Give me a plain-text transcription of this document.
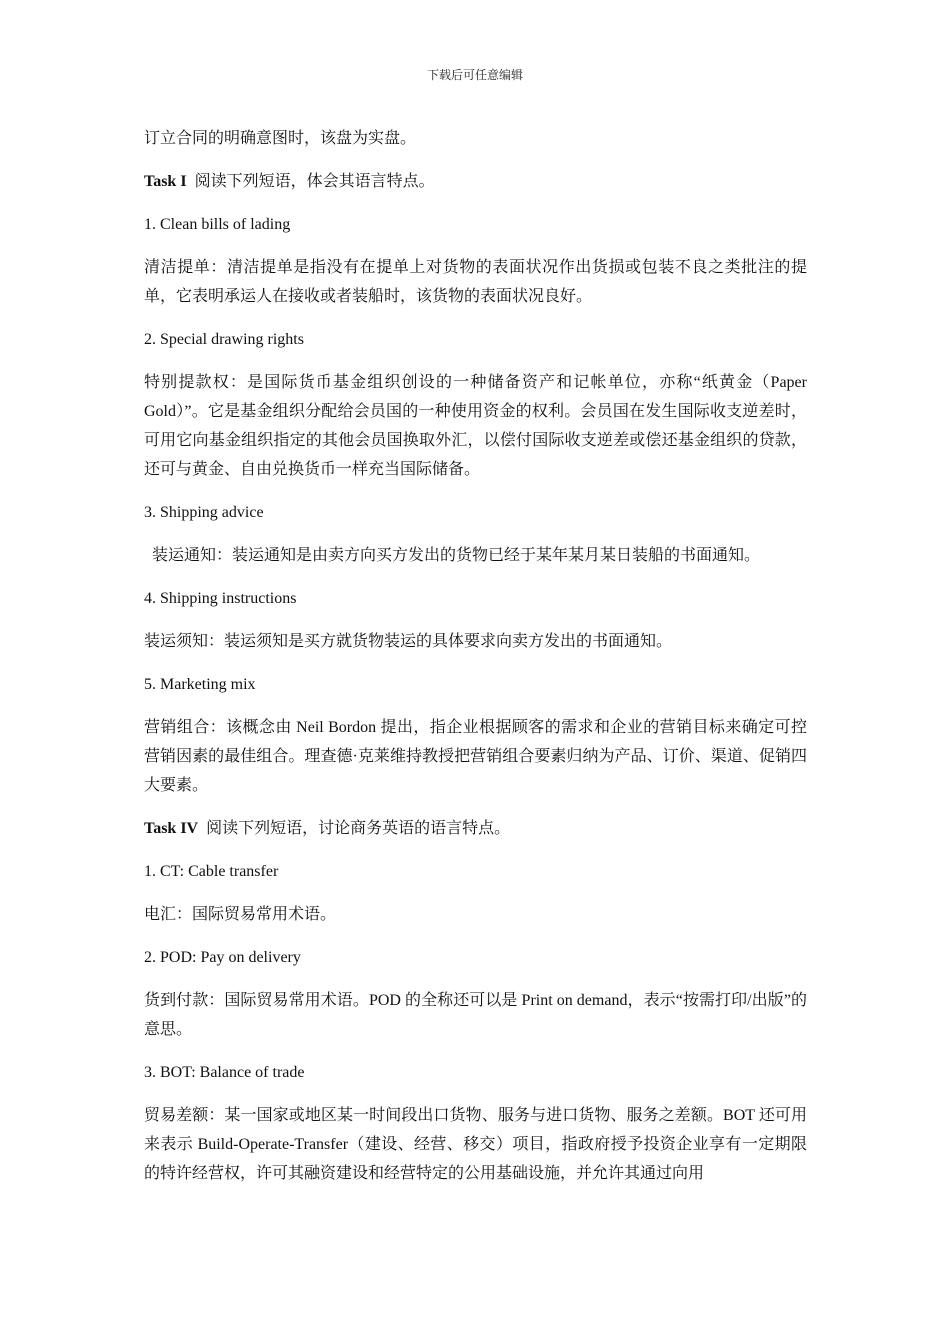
下载后可任意编辑

订立合同的明确意图时，该盘为实盘。

Task I 阅读下列短语，体会其语言特点。

1. Clean bills of lading

清洁提单：清洁提单是指没有在提单上对货物的表面状况作出货损或包装不良之类批注的提单，它表明承运人在接收或者装船时，该货物的表面状况良好。

2. Special drawing rights

特别提款权：是国际货币基金组织创设的一种储备资产和记帐单位，亦称“纸黄金（Paper Gold）”。它是基金组织分配给会员国的一种使用资金的权利。会员国在发生国际收支逆差时，可用它向基金组织指定的其他会员国换取外汇，以偿付国际收支逆差或偿还基金组织的贷款，还可与黄金、自由兑换货币一样充当国际储备。

3. Shipping advice

装运通知：装运通知是由卖方向买方发出的货物已经于某年某月某日装船的书面通知。

4. Shipping instructions

装运须知：装运须知是买方就货物装运的具体要求向卖方发出的书面通知。

5. Marketing mix

营销组合：该概念由 Neil Bordon 提出，指企业根据顾客的需求和企业的营销目标来确定可控营销因素的最佳组合。理查德·克莱维持教授把营销组合要素归纳为产品、订价、渠道、促销四大要素。

Task IV 阅读下列短语，讨论商务英语的语言特点。

1. CT: Cable transfer

电汇：国际贸易常用术语。

2. POD: Pay on delivery

货到付款：国际贸易常用术语。POD 的全称还可以是 Print on demand，表示“按需打印/出版”的意思。

3. BOT: Balance of trade

贸易差额：某一国家或地区某一时间段出口货物、服务与进口货物、服务之差额。BOT 还可用来表示 Build-Operate-Transfer（建设、经营、移交）项目，指政府授予投资企业享有一定期限的特许经营权，许可其融资建设和经营特定的公用基础设施，并允许其通过向用
